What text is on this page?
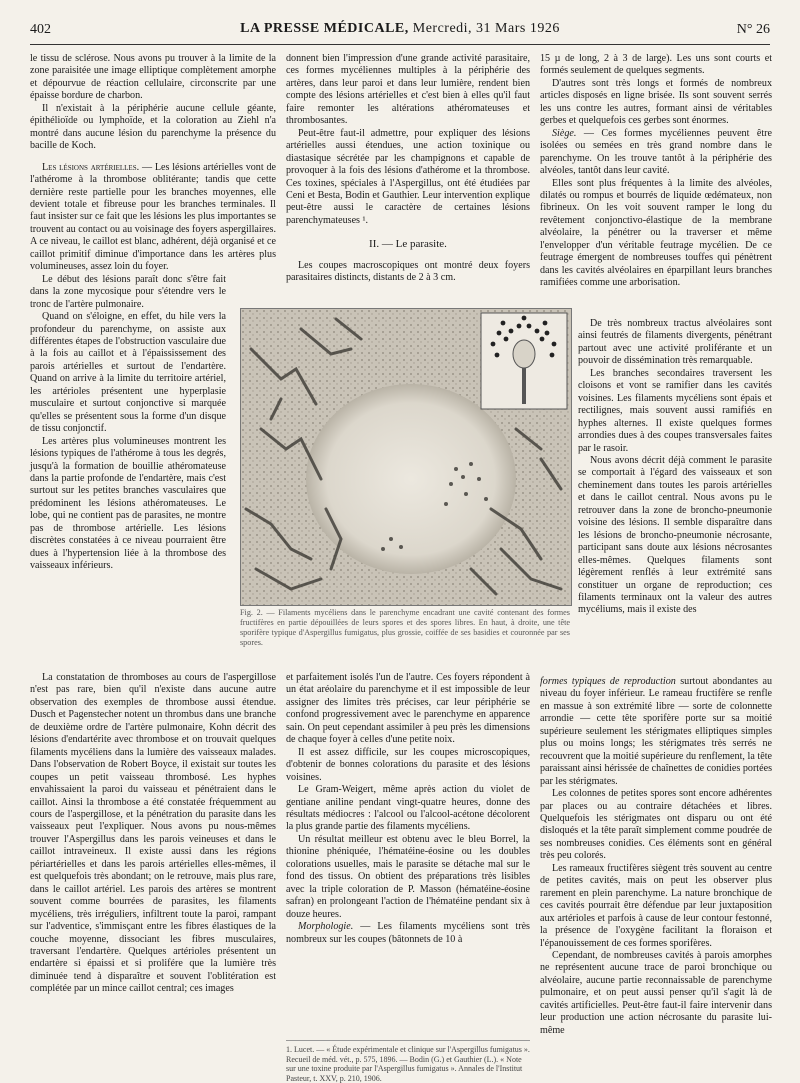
402	LA PRESSE MÉDICALE, Mercredi, 31 Mars 1926	N° 26

le tissu de sclérose. Nous avons pu trouver à la limite de la zone paraisitée une image elliptique complètement amorphe et dépourvue de réaction cellulaire, circonscrite par une épaisse bordure de charbon.

Il n'existait à la périphérie aucune cellule géante, épithélioïde ou lymphoïde, et la coloration au Ziehl n'a montré dans aucune lésion du parenchyme la présence du bacille de Koch.

Les lésions artérielles. — Les lésions artérielles vont de l'athérome à la thrombose oblitérante; tandis que cette dernière reste partielle pour les branches moyennes, elle devient totale et fibreuse pour les branches terminales. Il faut insister sur ce fait que les lésions les plus importantes se trouvent au contact ou au voisinage des foyers aspergillaires. A ce niveau, le caillot est blanc, adhérent, déjà organisé et ce caillot primitif diminue d'importance dans les artères plus volumineuses, assez loin du foyer.

Le début des lésions paraît donc s'être fait dans la zone mycosique pour s'étendre vers le tronc de l'artère pulmonaire.

Quand on s'éloigne, en effet, du hile vers la profondeur du parenchyme, on assiste aux différentes étapes de l'obstruction vasculaire due à la fois au caillot et à l'épaississement des parois artérielles et surtout de l'endartère. Quand on arrive à la limite du territoire artériel, les artérioles présentent une hyperplasie musculaire et surtout conjonctive si marquée qu'elles se présentent sous la forme d'un disque de tissu conjonctif.

Les artères plus volumineuses montrent les lésions typiques de l'athérome à tous les degrés, jusqu'à la formation de bouillie athéromateuse dans la partie profonde de l'endartère, mais c'est surtout sur les petites branches vasculaires que prédominent les lésions athéromateuses. Le lobe, qui ne contient pas de parasites, ne montre pas de thrombose artérielle. Les lésions discrètes constatées à ce niveau pourraient être dues à l'hypertension liée à la thrombose des vaisseaux inférieurs.

donnent bien l'impression d'une grande activité parasitaire, ces formes mycéliennes multiples à la périphérie des artères, dans leur paroi et dans leur lumière, rendent bien compte des lésions artérielles et c'est bien à elles qu'il faut faire remonter les altérations athéromateuses et thrombosantes.

Peut-être faut-il admettre, pour expliquer des lésions artérielles aussi étendues, une action toxinique ou diastasique sécrétée par les champignons et capable de provoquer à la fois des lésions d'athérome et la thrombose. Ces toxines, spéciales à l'Aspergillus, ont été étudiées par Ceni et Besta, Bodin et Gauthier. Leur intervention explique peut-être aussi le caractère de certaines lésions parenchymateuses ¹.

II. — Le parasite.

Les coupes macroscopiques ont montré deux foyers parasitaires distincts, distants de 2 à 3 cm.

15 µ de long, 2 à 3 de large). Les uns sont courts et formés seulement de quelques segments.

D'autres sont très longs et formés de nombreux articles disposés en ligne brisée. Ils sont souvent serrés les uns contre les autres, formant ainsi de véritables gerbes et quelquefois ces gerbes sont énormes.

Siège. — Ces formes mycéliennes peuvent être isolées ou semées en très grand nombre dans le parenchyme. On les trouve tantôt à la périphérie des alvéoles, tantôt dans leur cavité.

Elles sont plus fréquentes à la limite des alvéoles, dilatés ou rompus et bourrés de liquide œdémateux, non fibrineux. On les voit souvent ramper le long du revêtement conjonctivo-élastique de la membrane alvéolaire, la pénétrer ou la traverser et même l'envelopper d'un véritable feutrage mycélien. De ce feutrage émergent de nombreuses touffes qui pénètrent dans les cavités alvéolaires en éparpillant leurs branches ramifiées comme une arborisation.

Fig. 2. — Filaments mycéliens dans le parenchyme encadrant une cavité contenant des formes fructifères en partie dépouillées de leurs spores et des spores libres. En haut, à droite, une tête sporifère typique d'Aspergillus fumigatus, plus grossie, coiffée de ses basidies et couronnée par ses spores.

De très nombreux tractus alvéolaires sont ainsi feutrés de filaments divergents, pénétrant partout avec une activité proliférante et un pouvoir de dissémination très remarquable.

Les branches secondaires traversent les cloisons et vont se ramifier dans les cavités voisines. Les filaments mycéliens sont épais et rectilignes, mais souvent aussi ramifiés en hyphes alternes. Il existe quelques formes arrondies dues à des coupes transversales faites par le rasoir.

Nous avons décrit déjà comment le parasite se comportait à l'égard des vaisseaux et son cheminement dans toutes les parois artérielles et dans le caillot central. Nous avons pu le retrouver dans la zone de broncho-pneumonie voisine des lésions. Il semble disparaître dans les lésions de broncho-pneumonie nécrosante, participant sans doute aux lésions nécrosantes elles-mêmes. Quelques filaments sont légèrement renflés à leur extrémité sans constituer un organe de reproduction; ces filaments terminaux ont la valeur des autres mycéliums, mais il existe des

La constatation de thromboses au cours de l'aspergillose n'est pas rare, bien qu'il n'existe dans aucune autre observation des exemples de thrombose aussi étendue. Dusch et Pagenstecher notent un thrombus dans une branche de deuxième ordre de l'artère pulmonaire, Kohn décrit des lésions d'endartérite avec thrombose et on trouvait quelques filaments mycéliens dans la lumière des vaisseaux malades. Dans l'observation de Robert Boyce, il existait sur toutes les coupes un petit vaisseau thrombosé. Les hyphes envahissaient la paroi du vaisseau et pénétraient dans le caillot. Ainsi la thrombose a été constatée fréquemment au cours de l'aspergillose, et la pénétration du parasite dans les vaisseaux peut l'expliquer. Nous avons pu nous-mêmes trouver l'Aspergillus dans les parois veineuses et dans le caillot intraveineux. Il existe aussi dans les régions périartérielles et dans les parois artérielles elles-mêmes, il est quelquefois très abondant; on le retrouve, mais plus rare, dans le caillot artériel. Les parois des artères se montrent souvent comme bourrées de parasites, les filaments mycéliens, très irréguliers, infiltrent toute la paroi, rampant sur l'adventice, s'immisçant entre les fibres élastiques de la couche moyenne, dissociant les fibres musculaires, traversant l'endartère. Quelques artérioles présentent un endartère si épaissi et si prolifére que la lumière très diminuée tend à disparaître et souvent l'oblitération est complétée par un mince caillot central; ces images

et parfaitement isolés l'un de l'autre. Ces foyers répondent à un état aréolaire du parenchyme et il est impossible de leur assigner des limites très précises, car leur périphérie se confond progressivement avec le parenchyme en apparence sain. On peut cependant assimiler à peu près les dimensions de chaque foyer à celles d'une petite noix.

Il est assez difficile, sur les coupes microscopiques, d'obtenir de bonnes colorations du parasite et des lésions voisines.

Le Gram-Weigert, même après action du violet de gentiane aniline pendant vingt-quatre heures, donne des résultats médiocres : l'alcool ou l'alcool-acétone décolorent la plus grande partie des filaments mycéliens.

Un résultat meilleur est obtenu avec le bleu Borrel, la thionine phéniquée, l'hématéine-éosine ou les doubles colorations usuelles, mais le parasite se détache mal sur le fond des tissus. On obtient des préparations très lisibles avec la triple coloration de P. Masson (hématéine-éosine safran) en prolongeant l'action de l'hématéine pendant six à douze heures.

Morphologie. — Les filaments mycéliens sont très nombreux sur les coupes (bâtonnets de 10 à

1. Lucet. — « Étude expérimentale et clinique sur l'Aspergillus fumigatus ». Recueil de méd. vét., p. 575, 1896. — Bodin (G.) et Gauthier (L.). « Note sur une toxine produite par l'Aspergillus fumigatus ». Annales de l'Institut Pasteur, t. XXV, p. 210, 1906.

formes typiques de reproduction surtout abondantes au niveau du foyer inférieur. Le rameau fructifère se renfle en massue à son extrémité libre — sorte de colonnette arrondie — cette tête sporifère porte sur sa moitié supérieure seulement les stérigmates elliptiques simples plus ou moins longs; les stérigmates très serrés ne recouvrent que la moitié supérieure du renflement, la tête paraissant ainsi hérissée de chaînettes de conidies portées par les stérigmates.

Les colonnes de petites spores sont encore adhérentes par places ou au contraire détachées et libres. Quelquefois les stérigmates ont disparu ou ont été disloqués et la tête paraît simplement comme poudrée de ses nombreuses conidies. Ces éléments sont en général très peu colorés.

Les rameaux fructifères siègent très souvent au centre de petites cavités, mais on peut les observer plus rarement en plein parenchyme. La nature bronchique de ces cavités pourrait être défendue par leur juxtaposition aux artérioles et parfois à cause de leur contour festonné, la présence de l'oxygène facilitant la floraison et l'épanouissement de ces formes sporifères.

Cependant, de nombreuses cavités à parois amorphes ne représentent aucune trace de paroi bronchique ou alvéolaire, aucune partie reconnaissable de parenchyme pulmonaire, et on peut aussi penser qu'il s'agit là de cavités artificielles. Peut-être faut-il faire intervenir dans leur production une action nécrosante du parasite lui-même
